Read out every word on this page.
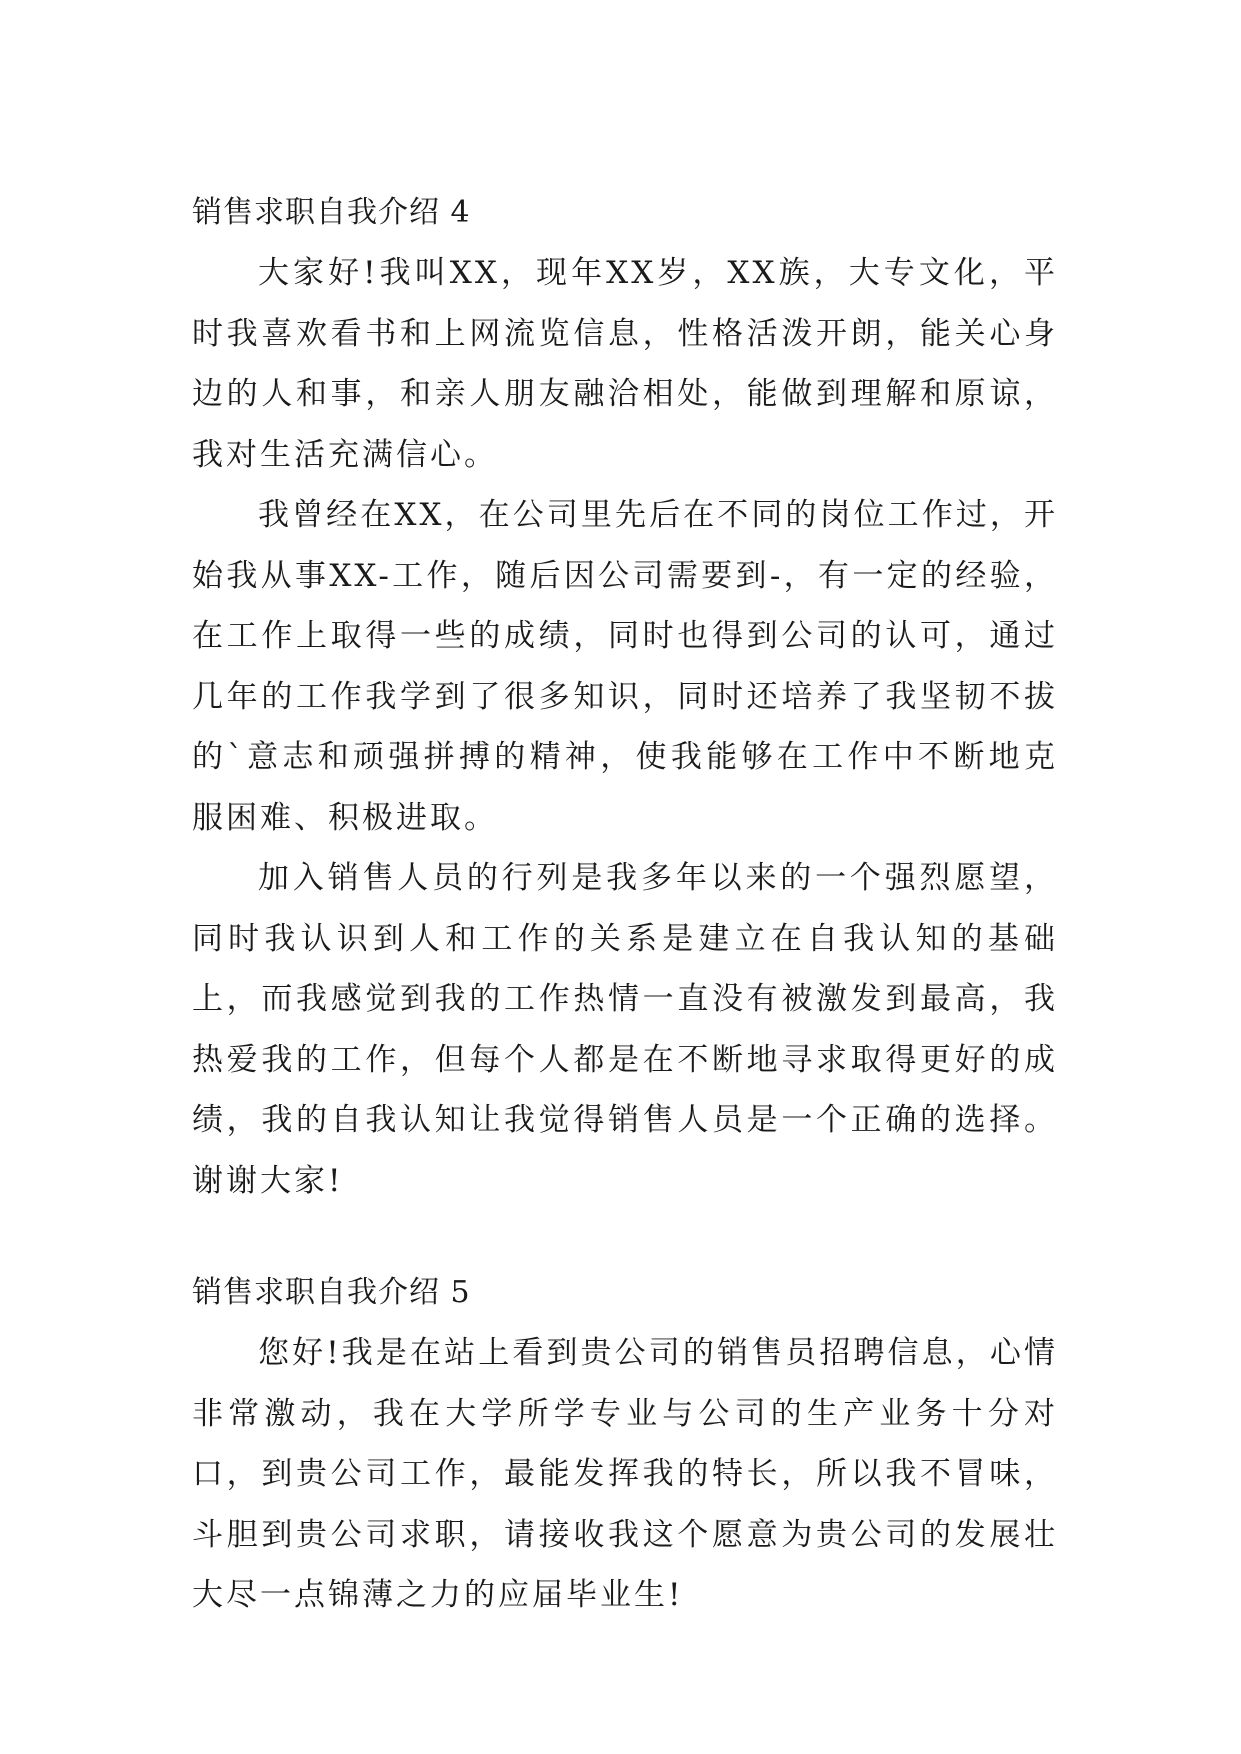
销售求职自我介绍 4

大家好!我叫XX，现年XX岁，XX族，大专文化，平时我喜欢看书和上网流览信息，性格活泼开朗，能关心身边的人和事，和亲人朋友融洽相处，能做到理解和原谅，我对生活充满信心。

我曾经在XX，在公司里先后在不同的岗位工作过，开始我从事XX-工作，随后因公司需要到-，有一定的经验，在工作上取得一些的成绩，同时也得到公司的认可，通过几年的工作我学到了很多知识，同时还培养了我坚韧不拔的`意志和顽强拼搏的精神，使我能够在工作中不断地克服困难、积极进取。

加入销售人员的行列是我多年以来的一个强烈愿望，同时我认识到人和工作的关系是建立在自我认知的基础上，而我感觉到我的工作热情一直没有被激发到最高，我热爱我的工作，但每个人都是在不断地寻求取得更好的成绩，我的自我认知让我觉得销售人员是一个正确的选择。谢谢大家!

销售求职自我介绍 5

您好!我是在站上看到贵公司的销售员招聘信息，心情非常激动，我在大学所学专业与公司的生产业务十分对口，到贵公司工作，最能发挥我的特长，所以我不冒味，斗胆到贵公司求职，请接收我这个愿意为贵公司的发展壮大尽一点锦薄之力的应届毕业生!
